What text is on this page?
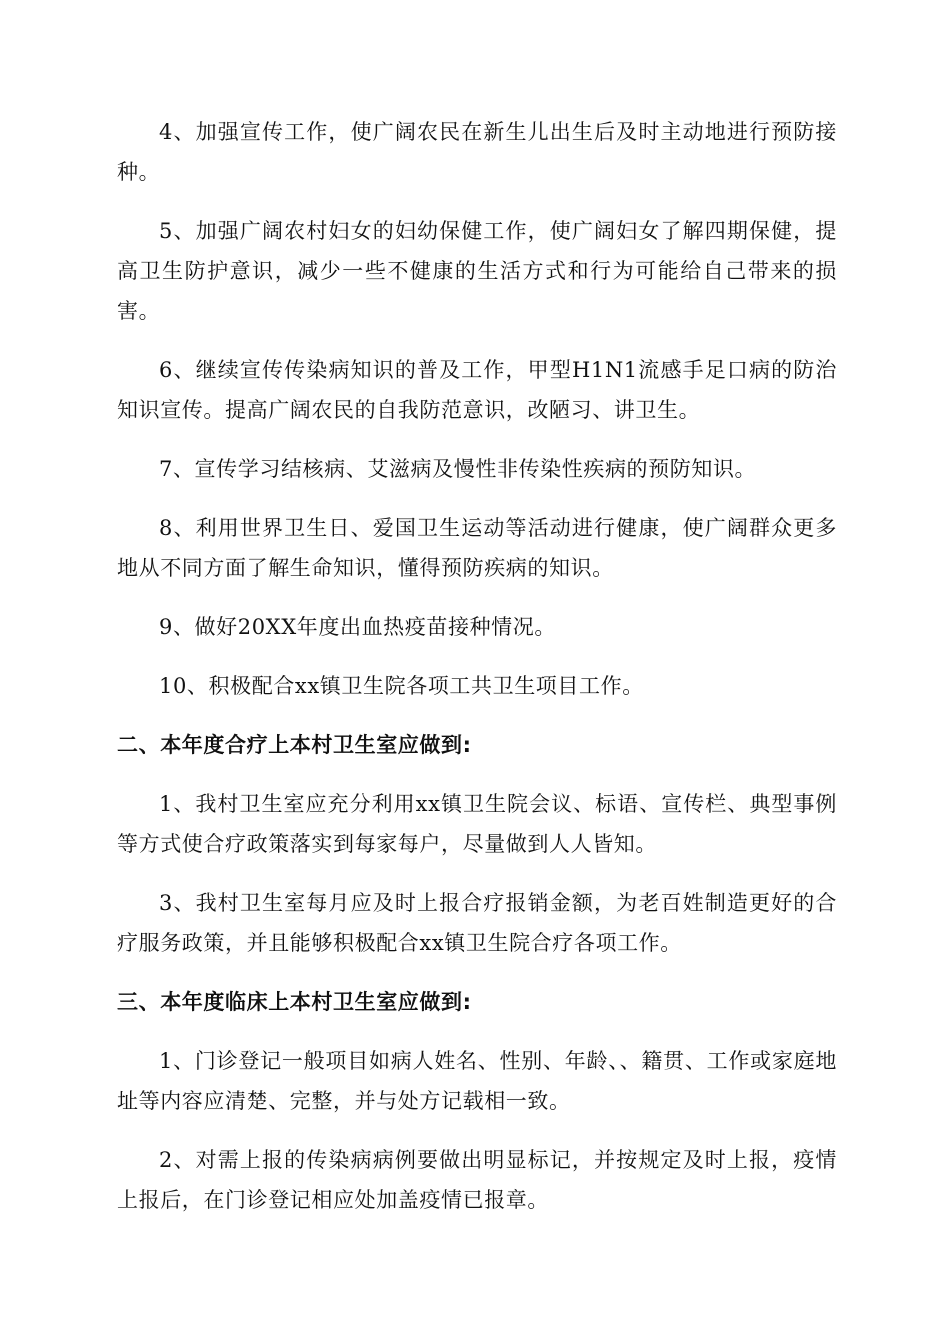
4、加强宣传工作，使广阔农民在新生儿出生后及时主动地进行预防接种。

5、加强广阔农村妇女的妇幼保健工作，使广阔妇女了解四期保健，提高卫生防护意识，减少一些不健康的生活方式和行为可能给自己带来的损害。

6、继续宣传传染病知识的普及工作，甲型H1N1流感手足口病的防治知识宣传。提高广阔农民的自我防范意识，改陋习、讲卫生。

7、宣传学习结核病、艾滋病及慢性非传染性疾病的预防知识。

8、利用世界卫生日、爱国卫生运动等活动进行健康，使广阔群众更多地从不同方面了解生命知识，懂得预防疾病的知识。

9、做好20XX年度出血热疫苗接种情况。

10、积极配合xx镇卫生院各项工共卫生项目工作。

二、本年度合疗上本村卫生室应做到:

1、我村卫生室应充分利用xx镇卫生院会议、标语、宣传栏、典型事例等方式使合疗政策落实到每家每户，尽量做到人人皆知。

3、我村卫生室每月应及时上报合疗报销金额，为老百姓制造更好的合疗服务政策，并且能够积极配合xx镇卫生院合疗各项工作。

三、本年度临床上本村卫生室应做到:

1、门诊登记一般项目如病人姓名、性别、年龄、、籍贯、工作或家庭地址等内容应清楚、完整，并与处方记载相一致。

2、对需上报的传染病病例要做出明显标记，并按规定及时上报，疫情上报后，在门诊登记相应处加盖疫情已报章。
